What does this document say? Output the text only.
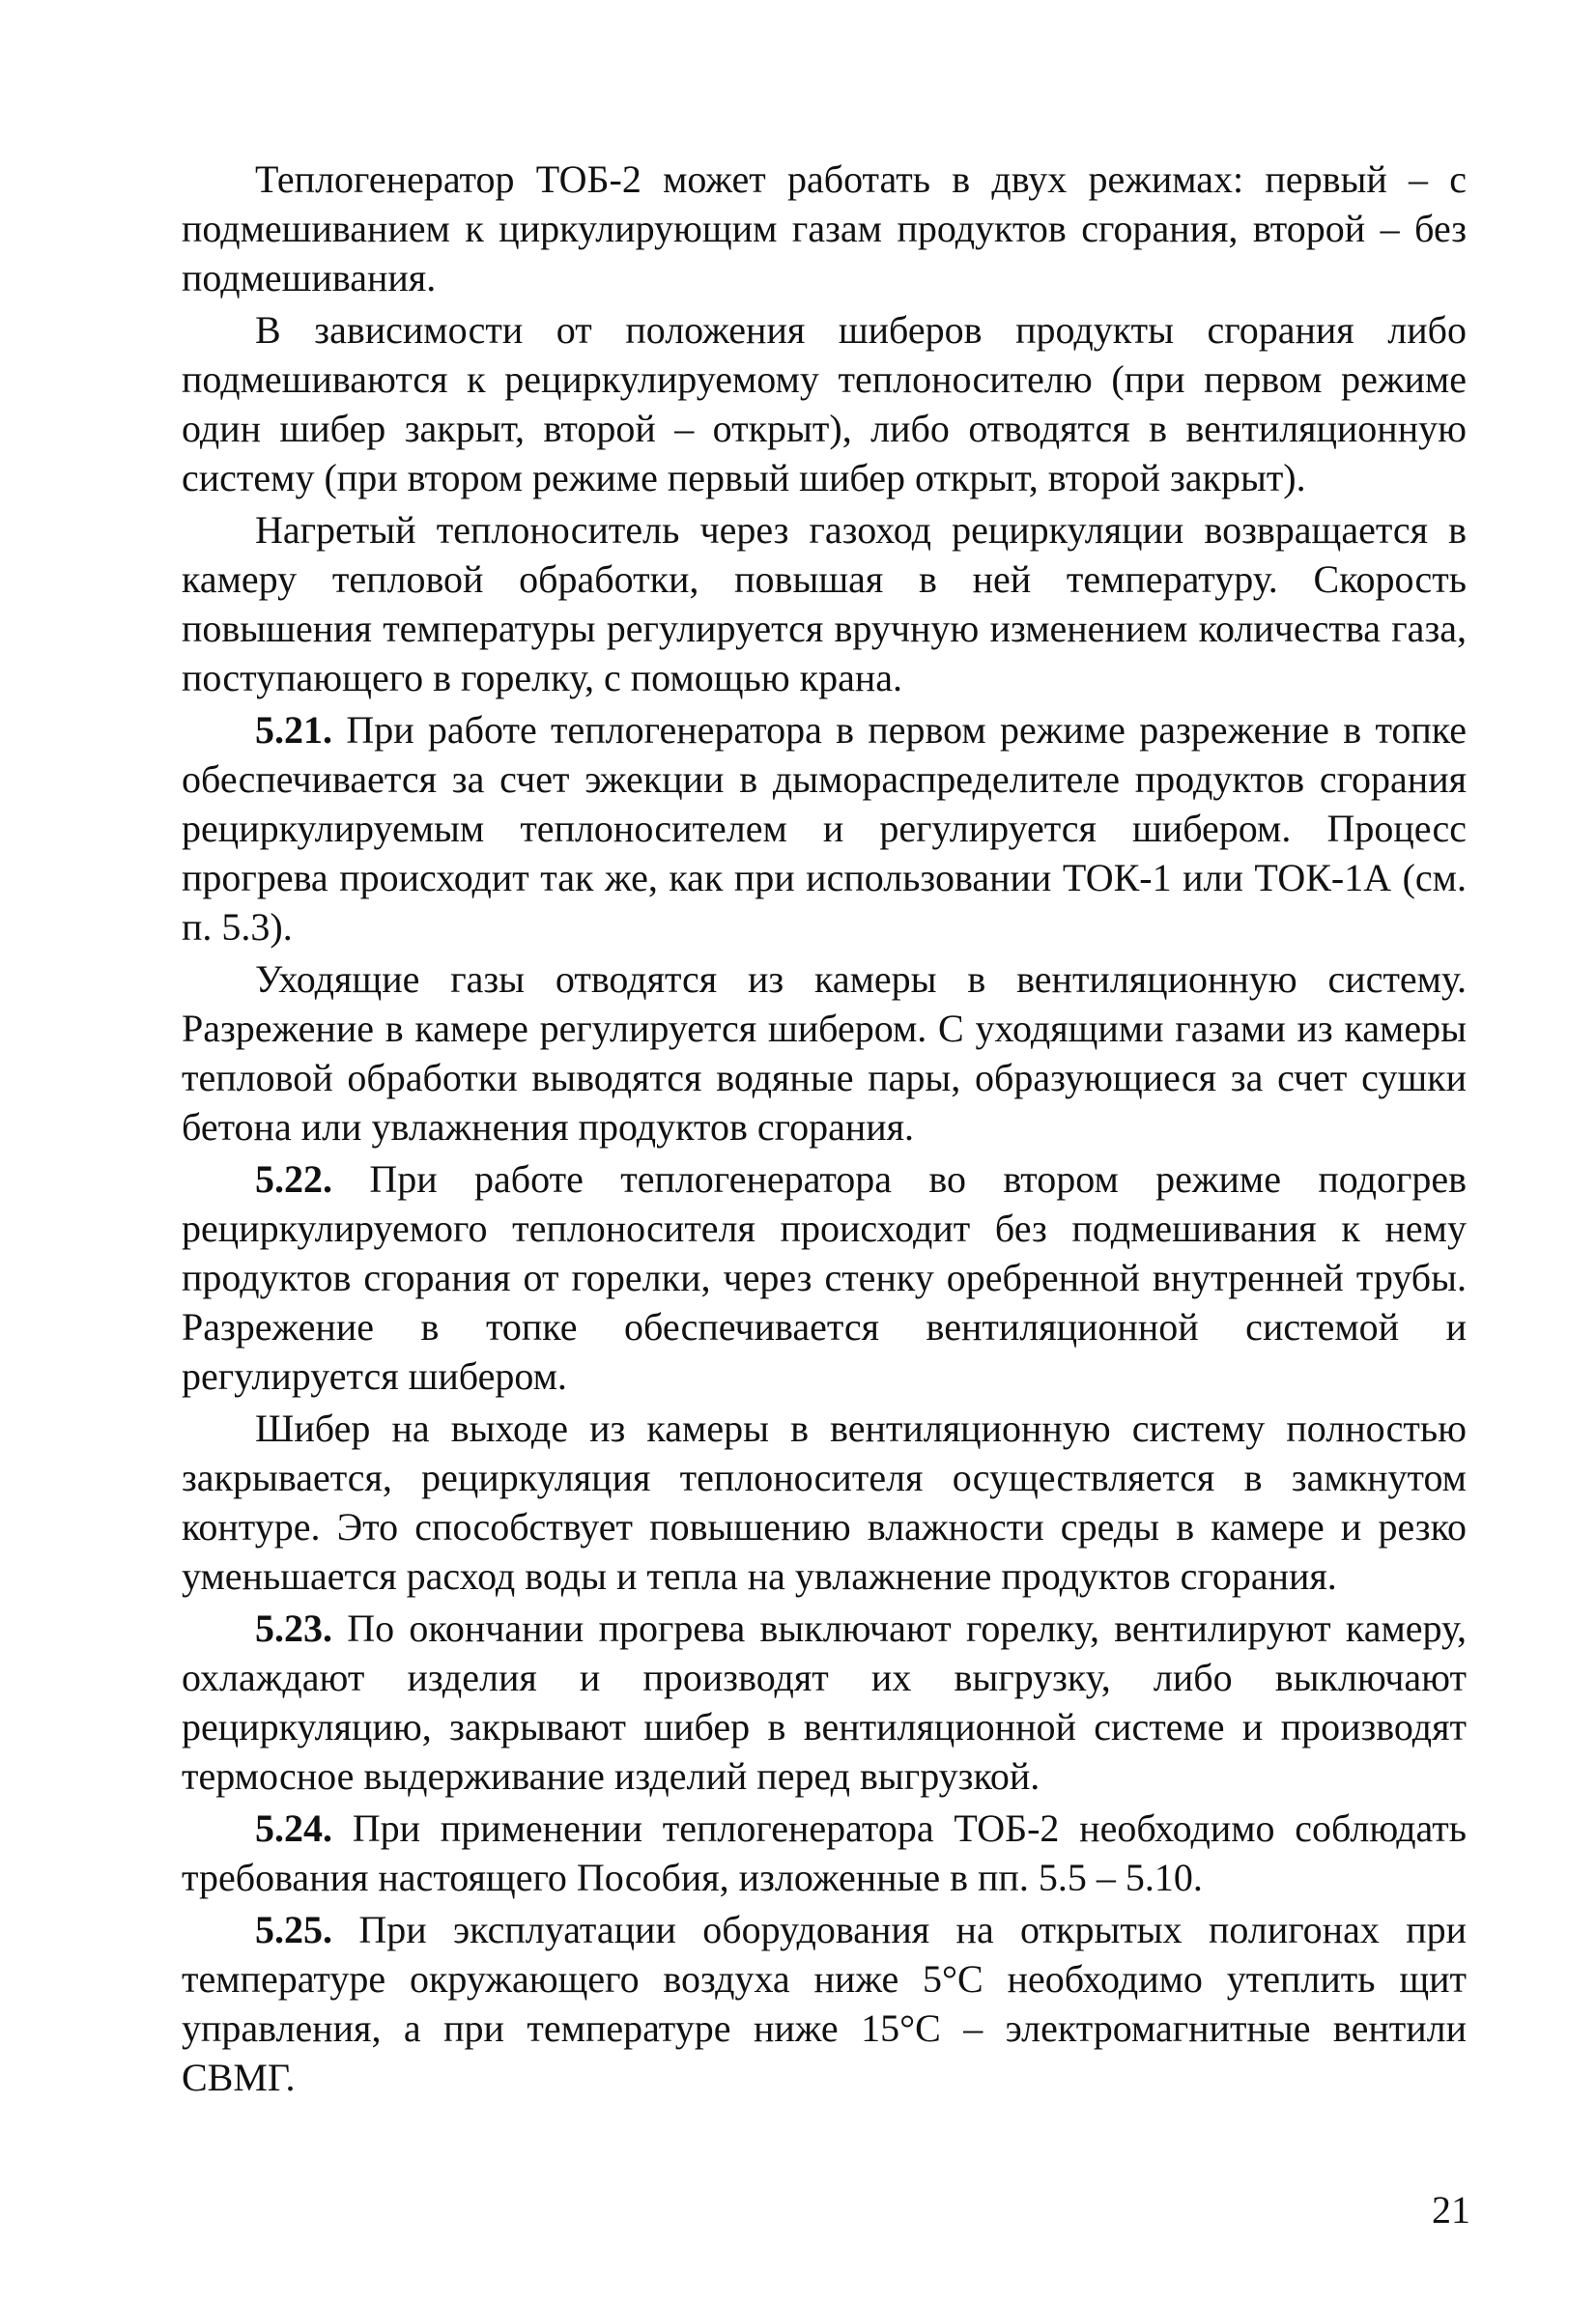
Теплогенератор ТОБ-2 может работать в двух режимах: первый – с подмешиванием к циркулирующим газам продуктов сгорания, второй – без подмешивания.

В зависимости от положения шиберов продукты сгорания либо подмешиваются к рециркулируемому теплоносителю (при первом режиме один шибер закрыт, второй – открыт), либо отводятся в вентиляционную систему (при втором режиме первый шибер открыт, второй закрыт).

Нагретый теплоноситель через газоход рециркуляции возвращается в камеру тепловой обработки, повышая в ней температуру. Скорость повышения температуры регулируется вручную изменением количества газа, поступающего в горелку, с помощью крана.

5.21. При работе теплогенератора в первом режиме разрежение в топке обеспечивается за счет эжекции в дымораспределителе продуктов сгорания рециркулируемым теплоносителем и регулируется шибером. Процесс прогрева происходит так же, как при использовании ТОК-1 или ТОК-1А (см. п. 5.3).

Уходящие газы отводятся из камеры в вентиляционную систему. Разрежение в камере регулируется шибером. С уходящими газами из камеры тепловой обработки выводятся водяные пары, образующиеся за счет сушки бетона или увлажнения продуктов сгорания.

5.22. При работе теплогенератора во втором режиме подогрев рециркулируемого теплоносителя происходит без подмешивания к нему продуктов сгорания от горелки, через стенку оребренной внутренней трубы. Разрежение в топке обеспечивается вентиляционной системой и регулируется шибером.

Шибер на выходе из камеры в вентиляционную систему полностью закрывается, рециркуляция теплоносителя осуществляется в замкнутом контуре. Это способствует повышению влажности среды в камере и резко уменьшается расход воды и тепла на увлажнение продуктов сгорания.

5.23. По окончании прогрева выключают горелку, вентилируют камеру, охлаждают изделия и производят их выгрузку, либо выключают рециркуляцию, закрывают шибер в вентиляционной системе и производят термосное выдерживание изделий перед выгрузкой.

5.24. При применении теплогенератора ТОБ-2 необходимо соблюдать требования настоящего Пособия, изложенные в пп. 5.5 – 5.10.

5.25. При эксплуатации оборудования на открытых полигонах при температуре окружающего воздуха ниже 5°С необходимо утеплить щит управления, а при температуре ниже 15°С – электромагнитные вентили СВМГ.

21
